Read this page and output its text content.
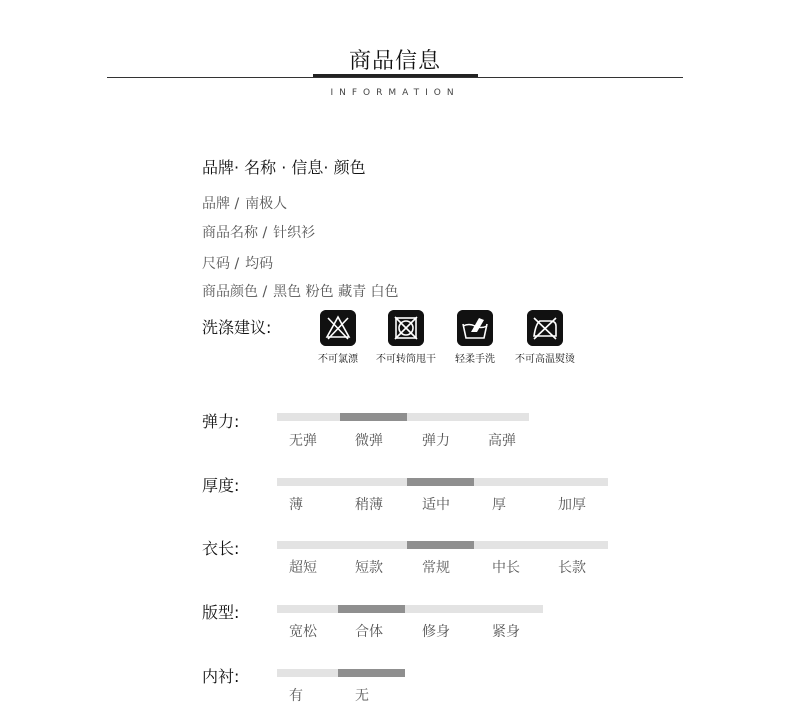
商品信息
INFORMATION
品牌· 名称 · 信息· 颜色
品牌 / 南极人
商品名称 / 针织衫
尺码 / 均码
商品颜色 / 黑色 粉色 藏青 白色
洗涤建议:
不可氯漂	不可转筒甩干	轻柔手洗	不可高温熨烫
弹力:
无弹	微弹	弹力	高弹
厚度:
薄	稍薄	适中	厚	加厚
衣长:
超短	短款	常规	中长	长款
版型:
宽松	合体	修身	紧身
内衬:
有	无
